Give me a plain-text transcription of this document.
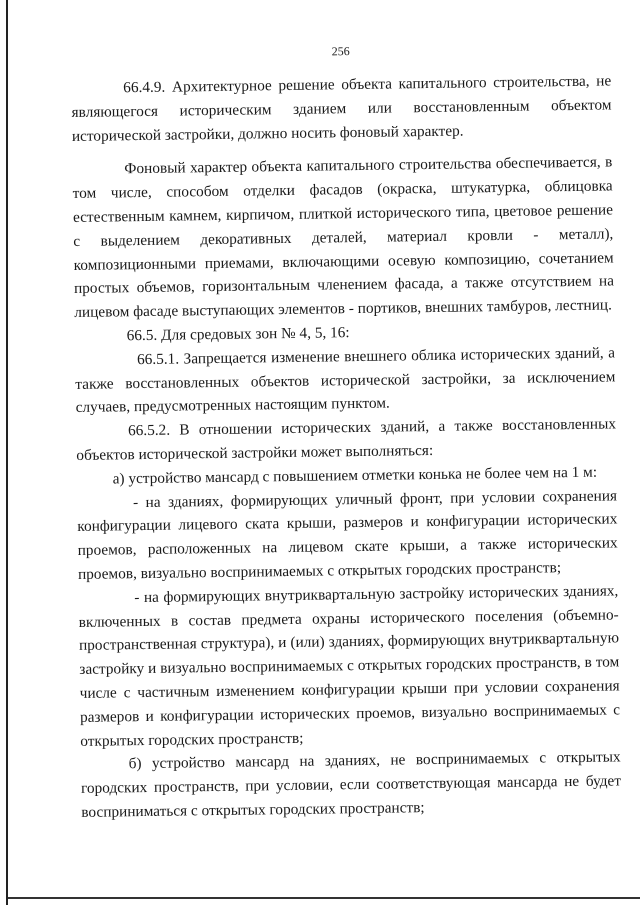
256

66.4.9. Архитектурное решение объекта капитального строительства, не являющегося историческим зданием или восстановленным объектом исторической застройки, должно носить фоновый характер.

Фоновый характер объекта капитального строительства обеспечивается, в том числе, способом отделки фасадов (окраска, штукатурка, облицовка естественным камнем, кирпичом, плиткой исторического типа, цветовое решение с выделением декоративных деталей, материал кровли - металл), композиционными приемами, включающими осевую композицию, сочетанием простых объемов, горизонтальным членением фасада, а также отсутствием на лицевом фасаде выступающих элементов - портиков, внешних тамбуров, лестниц.

66.5. Для средовых зон № 4, 5, 16:

66.5.1. Запрещается изменение внешнего облика исторических зданий, а также восстановленных объектов исторической застройки, за исключением случаев, предусмотренных настоящим пунктом.

66.5.2. В отношении исторических зданий, а также восстановленных объектов исторической застройки может выполняться:

а) устройство мансард с повышением отметки конька не более чем на 1 м:

- на зданиях, формирующих уличный фронт, при условии сохранения конфигурации лицевого ската крыши, размеров и конфигурации исторических проемов, расположенных на лицевом скате крыши, а также исторических проемов, визуально воспринимаемых с открытых городских пространств;

- на формирующих внутриквартальную застройку исторических зданиях, включенных в состав предмета охраны исторического поселения (объемно-пространственная структура), и (или) зданиях, формирующих внутриквартальную застройку и визуально воспринимаемых с открытых городских пространств, в том числе с частичным изменением конфигурации крыши при условии сохранения размеров и конфигурации исторических проемов, визуально воспринимаемых с открытых городских пространств;

б) устройство мансард на зданиях, не воспринимаемых с открытых городских пространств, при условии, если соответствующая мансарда не будет восприниматься с открытых городских пространств;
